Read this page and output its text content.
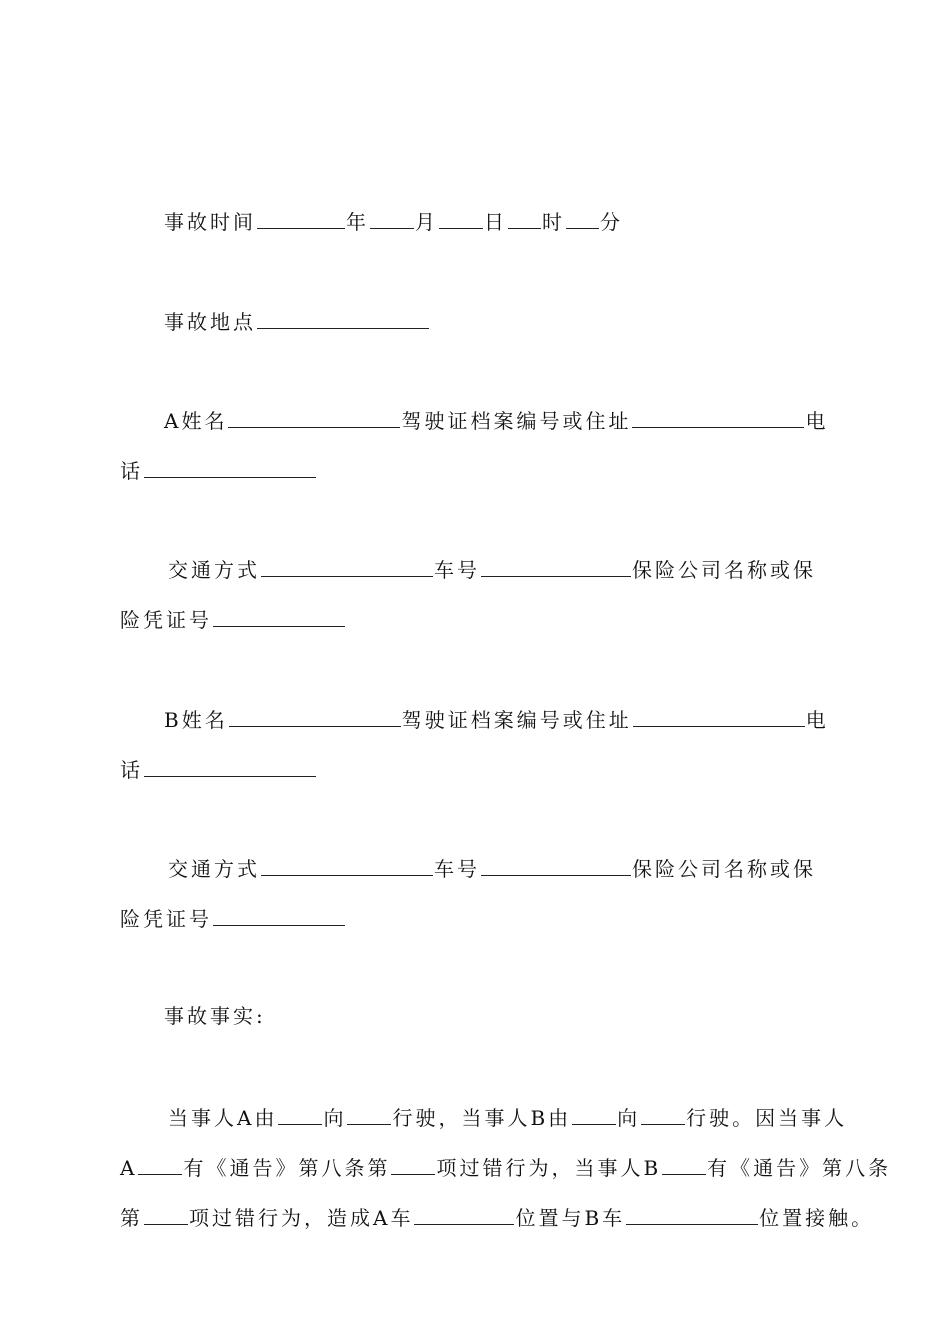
事故时间	年 月 日 时 分
事故地点
A姓名	驾驶证档案编号或住址	电
话
交通方式	车号	保险公司名称或保
险凭证号
B姓名	驾驶证档案编号或住址	电
话
交通方式	车号	保险公司名称或保
险凭证号
事故事实:
当事人A由 向 行驶，当事人B由 向 行驶。因当事人
A 有《通告》第八条第 项过错行为，当事人B 有《通告》第八条
第 项过错行为，造成A车	位置与B车	位置接触。
